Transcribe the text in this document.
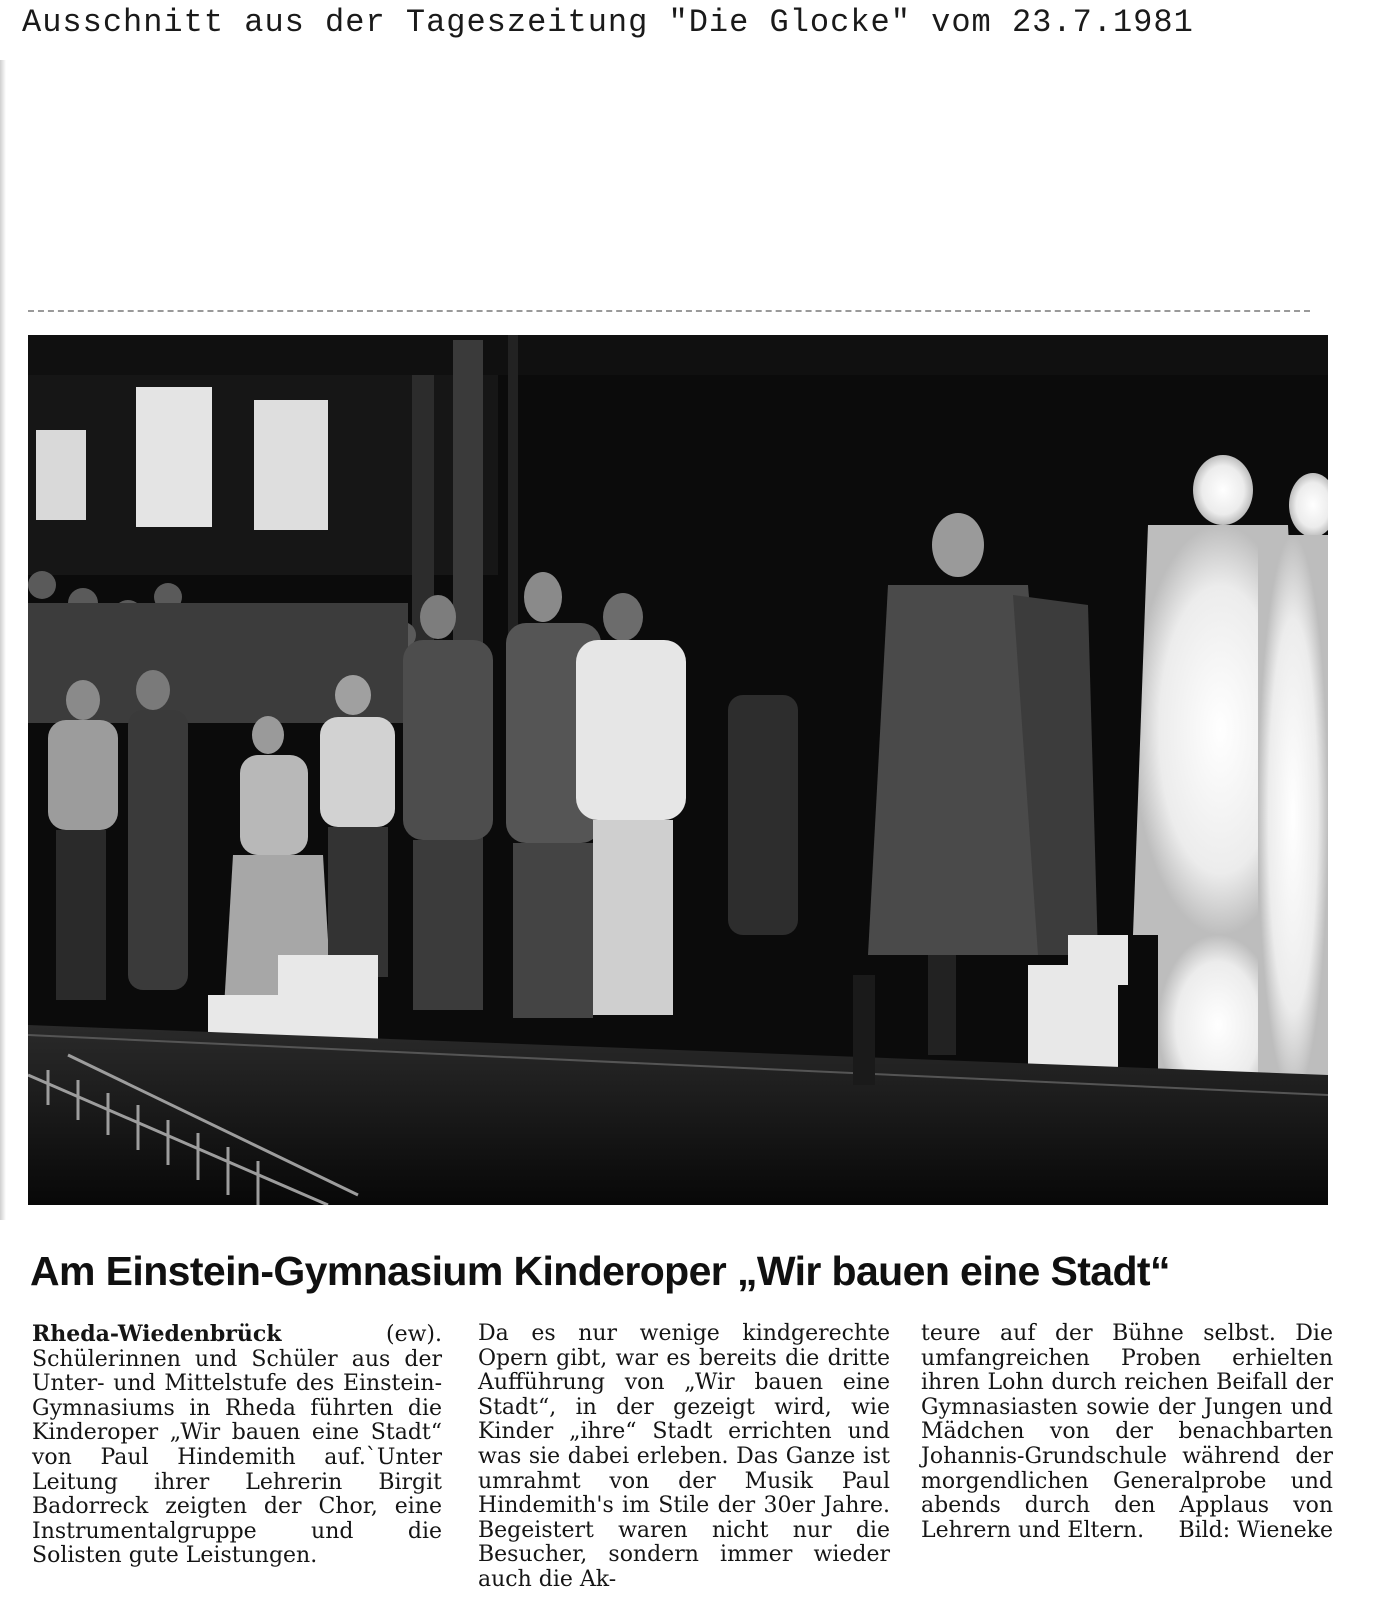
Ausschnitt aus der Tageszeitung "Die Glocke" vom 23.7.1981
Am Einstein-Gymnasium Kinderoper „Wir bauen eine Stadt“

Rheda-Wiedenbrück	(ew). Schülerinnen und Schüler aus der Unter- und Mittelstufe des Einstein-Gymnasiums in Rheda führten die Kinderoper „Wir bauen eine Stadt“ von Paul Hindemith auf.`Unter Leitung ihrer Lehrerin Birgit Badorreck zeigten der Chor, eine Instrumentalgruppe und die Solisten gute Leistungen.

Da es nur wenige kindgerechte Opern gibt, war es bereits die dritte Aufführung von „Wir bauen eine Stadt“, in der gezeigt wird, wie Kinder „ihre“ Stadt errichten und was sie dabei erleben. Das Ganze ist umrahmt von der Musik Paul Hindemith's im Stile der 30er Jahre. Begeistert waren nicht nur die Besucher, sondern immer wieder auch die Ak-

teure auf der Bühne selbst. Die umfangreichen Proben erhielten ihren Lohn durch reichen Beifall der Gymnasiasten sowie der Jungen und Mädchen von der benachbarten Johannis-Grundschule während der morgendlichen Generalprobe und abends durch den Applaus von Lehrern und Eltern. Bild: Wieneke
